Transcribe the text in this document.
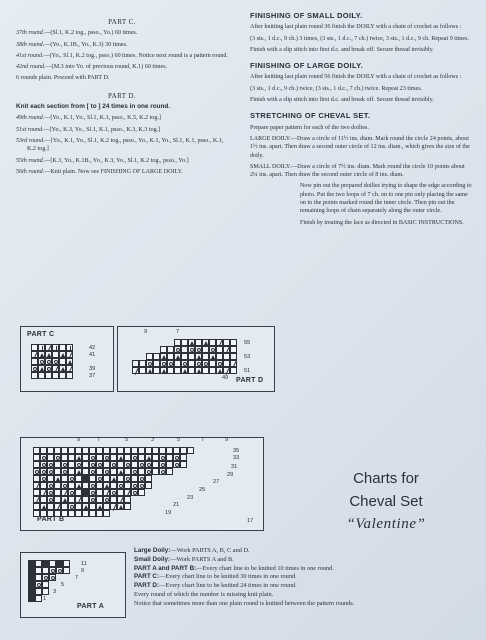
PART C.

37th round.—(Sl.1, K.2 tog., psso., Yo.) 60 times.
38th round.—(Yo., K.1B., Yo., K.3) 30 times.
41st round.—(Yo., Sl.1, K.2 tog., psso.) 60 times. Notice next round is a pattern round.
42nd round.—(M.3 into Yo. of previous round, K.1) 60 times.

6 rounds plain. Proceed with PART D.

PART D.

Knit each section from [ to ] 24 times in one round.

49th round.—[Yo., K.1, Yo., Sl.1, K.1, psso., K.5, K.2 tog.]
51st round.—[Yo., K.3, Yo., Sl.1, K.1, psso., K.3, K.3 tog.]
53rd round.—[Yo., K.1, Yo., Sl.1, K.2 tog., psso., Yo., K.1, Yo., Sl.1, K.1, psso., K.1, K.2 tog.]
55th round.—[K.3, Yo., K.1B., Yo., K.3, Yo., Sl.1, K.2 tog., psso., Yo.]
56th round.—Knit plain. Now see FINISHING OF LARGE DOILY.

FINISHING OF SMALL DOILY.

After knitting last plain round 36 finish the DOILY with a chain of crochet as follows :

(3 sts., 1 d.c., 9 ch.) 3 times, (3 sts., 1 d.c., 7 ch.) twice, 3 sts., 1 d.c., 9 ch. Repeat 9 times.

Finish with a slip stitch into first d.c. and break off. Secure thread invisibly.

FINISHING OF LARGE DOILY.

After knitting last plain round 56 finish the DOILY with a chain of crochet as follows :

(3 sts., 1 d.c., 9 ch.) twice, (3 sts., 1 d.c., 7 ch.) twice. Repeat 23 times.

Finish with a slip stitch into first d.c. and break off. Secure thread invisibly.

STRETCHING OF CHEVAL SET.

Prepare paper pattern for each of the two doilies.

LARGE DOILY.—Draw a circle of 11½ ins. diam. Mark round the circle 24 points, about 1½ ins. apart. Then draw a second outer circle of 12 ins. diam., which gives the size of the doily.

SMALL DOILY.—Draw a circle of 7½ ins. diam. Mark round the circle 10 points about 2¼ ins. apart. Then draw the second outer circle of 8 ins. diam.

Now pin out the prepared doilies trying to shape the edge according to photo. Put the two loops of 7 ch. on to one pin only placing the same on to the points marked round the inner circle. Then pin out the remaining loops of chain separately along the outer circle.

Finish by treating the lace as directed in BASIC INSTRUCTIONS.

PART C
42
41
39
37
9	7
55
53
51
49 PART D
9	7	5	3	5	7	9
35
33
31
29
27
25
23
21
19
17
PART B
Charts for
Cheval Set
“Valentine”
11
9
7
5
3
1
PART A

Large Doily:—Work PARTS A, B, C and D.

Small Doily:—Work PARTS A and B.

PART A and PART B:—Every chart line to be knitted 10 times in one round.

PART C:—Every chart line to be knitted 30 times in one round.

PART D:—Every chart line to be knitted 24 times in one round.

Every round of which the number is missing knit plain.

Notice that sometimes more than one plain round is knitted between the pattern rounds.
